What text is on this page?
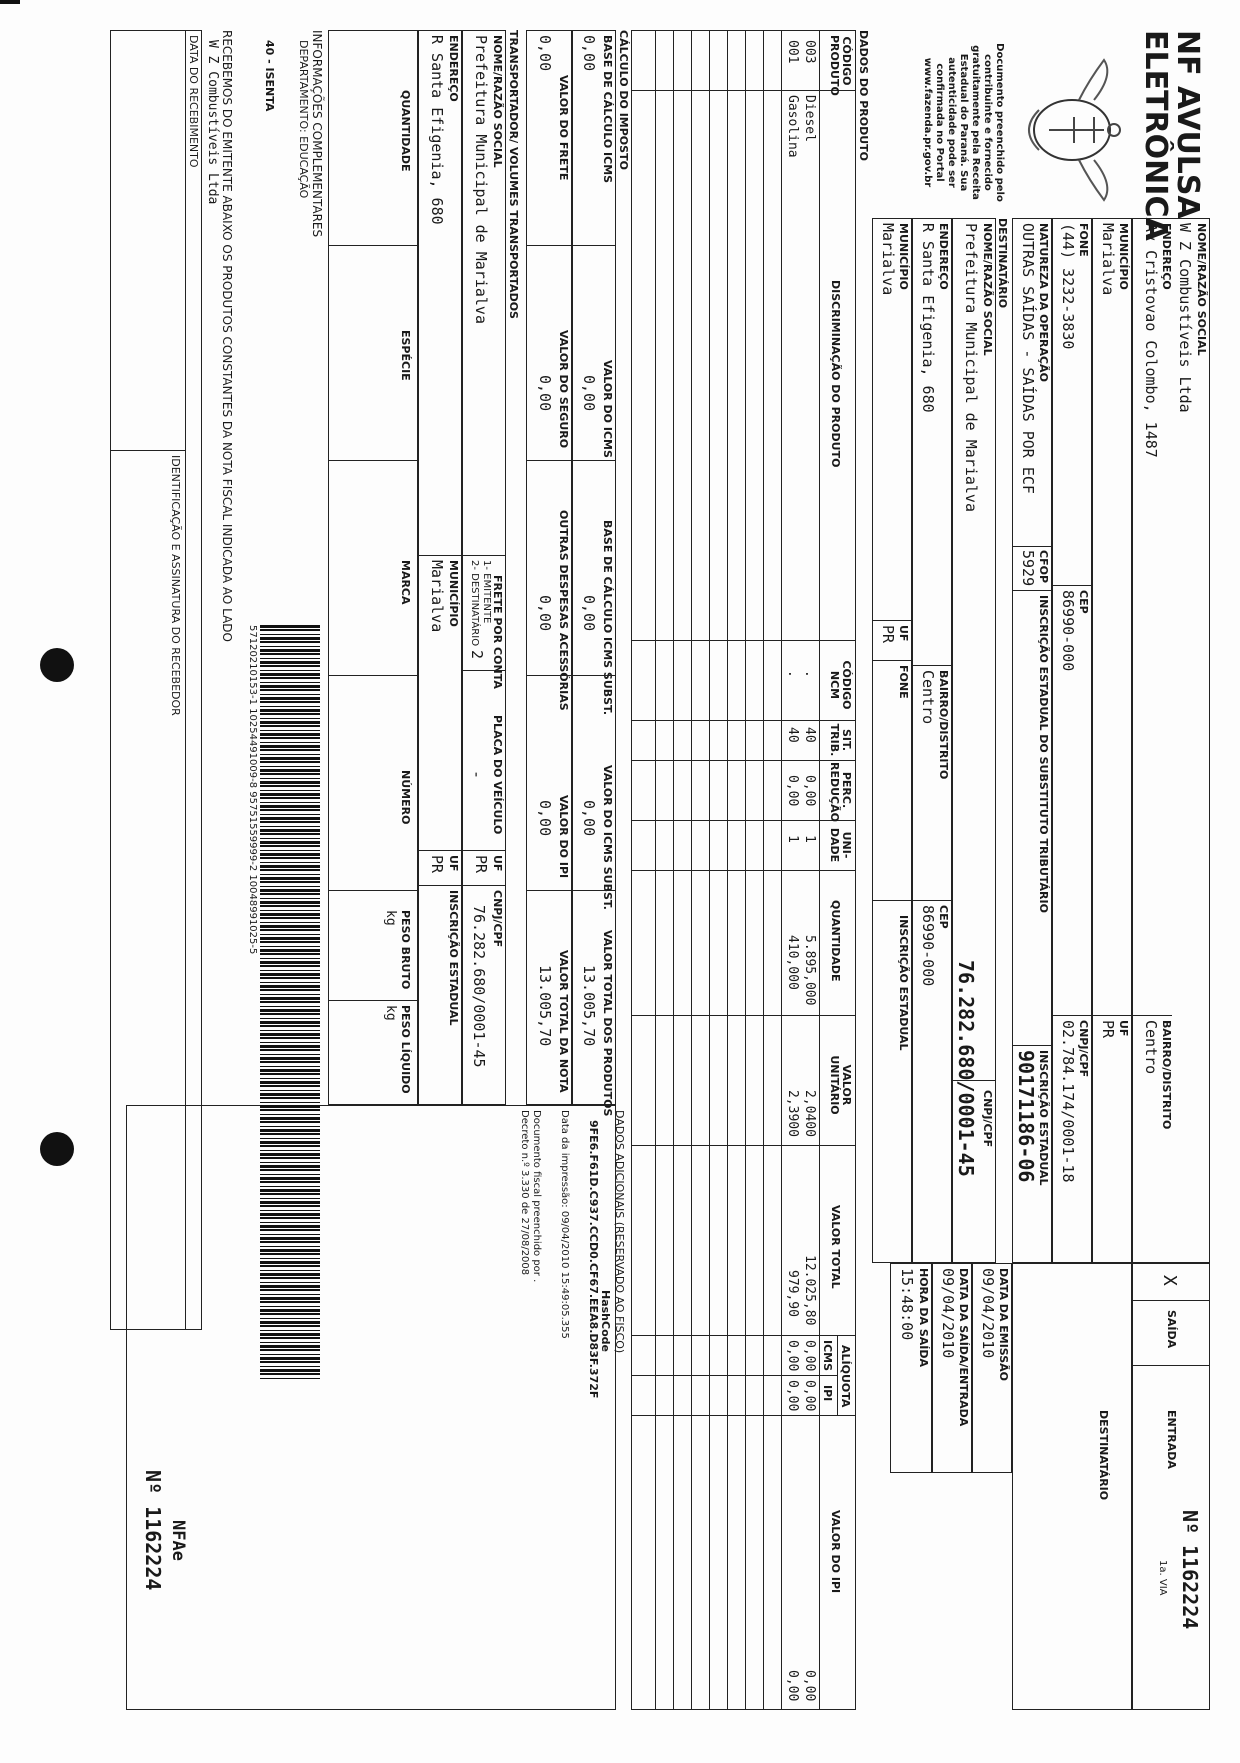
NF AVULSA
ELETRÔNICA
Documento preenchido pelo contribuinte e fornecido gratuitamente pela Receita Estadual do Paraná. Sua autenticidade pode ser confirmada no Portal www.fazenda.pr.gov.br
NOME/RAZÃO SOCIAL
W Z Combustíveis Ltda
ENDEREÇO
Av Cristovao Colombo, 1487
BAIRRO/DISTRITO
Centro
MUNICÍPIO
Marialva
UF
PR
FONE
(44) 3232-3830
CEP
86990-000
CNPJ/CPF
02.784.174/0001-18
NATUREZA DA OPERAÇÃO
OUTRAS SAÍDAS - SAÍDAS POR ECF
CFOP
5929
INSCRIÇÃO ESTADUAL DO SUBSTITUTO TRIBUTÁRIO
INSCRIÇÃO ESTADUAL
90171186-06
Nº
1162224
1a. VIA
X
SAÍDA
ENTRADA
DESTINATÁRIO
DESTINATÁRIO
NOME/RAZÃO SOCIAL
Prefeitura Municipal de Marialva
CNPJ/CPF
76.282.680/0001-45
ENDEREÇO
R Santa Efigenia, 680
BAIRRO/DISTRITO
Centro
CEP
86990-000
MUNICÍPIO
Marialva
UF
PR
FONE
INSCRIÇÃO ESTADUAL
DATA DA EMISSÃO
09/04/2010
DATA DA SAÍDA/ENTRADA
09/04/2010
HORA DA SAÍDA
15:48:00
DADOS DO PRODUTO
CÓDIGO PRODUTO
DISCRIMINAÇÃO DO PRODUTO
CÓDIGO NCM
SIT. TRIB.
PERC. REDUÇÃO
UNI- DADE
QUANTIDADE
VALOR UNITÁRIO
VALOR TOTAL
ALÍQUOTA
ICMS
IPI
VALOR DO IPI
003
Diesel
.
40
0,00
1
5.895,000
2,0400
12.025,80
0,00
0,00
0,00
001
Gasolina
.
40
0,00
1
410,000
2,3900
979,90
0,00
0,00
0,00
CÁLCULO DO IMPOSTO
BASE DE CÁLCULO ICMS
0,00
VALOR DO ICMS
0,00
BASE DE CÁLCULO ICMS SUBST.
0,00
VALOR DO ICMS SUBST.
0,00
VALOR TOTAL DOS PRODUTOS
13.005,70
VALOR DO FRETE
0,00
VALOR DO SEGURO
0,00
OUTRAS DESPESAS ACESSÓRIAS
0,00
VALOR DO IPI
0,00
VALOR TOTAL DA NOTA
13.005,70
DADOS ADICIONAIS (RESERVADO AO FISCO)
HashCode
9FE6.F61D.C937.CCD0.CF67.EEA8.D83F.372F
Data da impressão: 09/04/2010 15:49:05.355
Documento fiscal preenchido por .
Decreto n.º 3.330 de 27/08/2008
TRANSPORTADOR/ VOLUMES TRANSPORTADOS
NOME/RAZÃO SOCIAL
Prefeitura Municipal de Marialva
FRETE POR CONTA
1- EMITENTE
2- DESTINATÁRIO
2
PLACA DO VEÍCULO
-
UF
PR
CNPJ/CPF
76.282.680/0001-45
ENDEREÇO
R Santa Efigenia, 680
MUNICÍPIO
Marialva
UF
PR
INSCRIÇÃO ESTADUAL
QUANTIDADE
ESPÉCIE
MARCA
NÚMERO
PESO BRUTO
kg
PESO LÍQUIDO
kg
INFORMAÇÕES COMPLEMENTARES
DEPARTAMENTO: EDUCAÇÃO
40 - ISENTA
57120210153-1 10254491009-8 95751559999-2 10048991025-5
RECEBEMOS DO EMITENTE ABAIXO OS PRODUTOS CONSTANTES DA NOTA FISCAL INDICADA AO LADO
W Z Combustíveis Ltda
DATA DO RECEBIMENTO
IDENTIFICAÇÃO E ASSINATURA DO RECEBEDOR
NFAe
Nº 1162224
